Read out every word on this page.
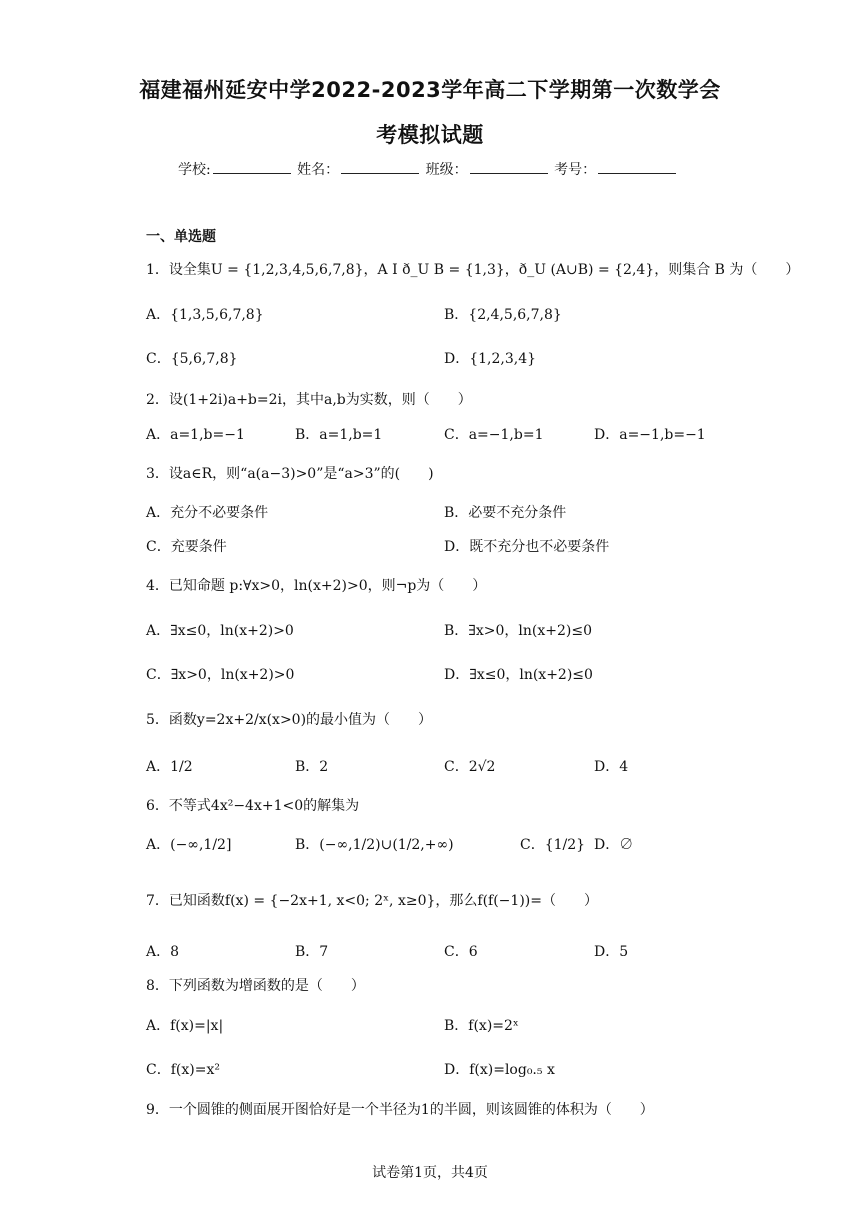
福建福州延安中学2022-2023学年高二下学期第一次数学会
考模拟试题
学校:	姓名：	班级：	考号：
一、单选题
1．设全集U = {1,2,3,4,5,6,7,8}，A I ð_U B = {1,3}，ð_U (A∪B) = {2,4}，则集合 B 为（　　）
A．{1,3,5,6,7,8}	B．{2,4,5,6,7,8}
C．{5,6,7,8}	D．{1,2,3,4}
2．设(1+2i)a+b=2i，其中a,b为实数，则（　　）
A．a=1,b=−1	B．a=1,b=1	C．a=−1,b=1	D．a=−1,b=−1
3．设a∈R，则“a(a−3)>0”是“a>3”的(　　)
A．充分不必要条件	B．必要不充分条件
C．充要条件	D．既不充分也不必要条件
4．已知命题 p:∀x>0，ln(x+2)>0，则¬p为（　　）
A．∃x≤0，ln(x+2)>0	B．∃x>0，ln(x+2)≤0
C．∃x>0，ln(x+2)>0	D．∃x≤0，ln(x+2)≤0
5．函数y=2x+2/x(x>0)的最小值为（　　）
A．1/2	B．2	C．2√2	D．4
6．不等式4x²−4x+1<0的解集为
A．(−∞,1/2]	B．(−∞,1/2)∪(1/2,+∞)	C．{1/2} D．∅
7．已知函数f(x) = {−2x+1, x<0; 2ˣ, x≥0}，那么f(f(−1))=（　　）
A．8	B．7	C．6	D．5
8．下列函数为增函数的是（　　）
A．f(x)=|x|	B．f(x)=2ˣ
C．f(x)=x²	D．f(x)=log₀.₅ x
9．一个圆锥的侧面展开图恰好是一个半径为1的半圆，则该圆锥的体积为（　　）
试卷第1页，共4页
